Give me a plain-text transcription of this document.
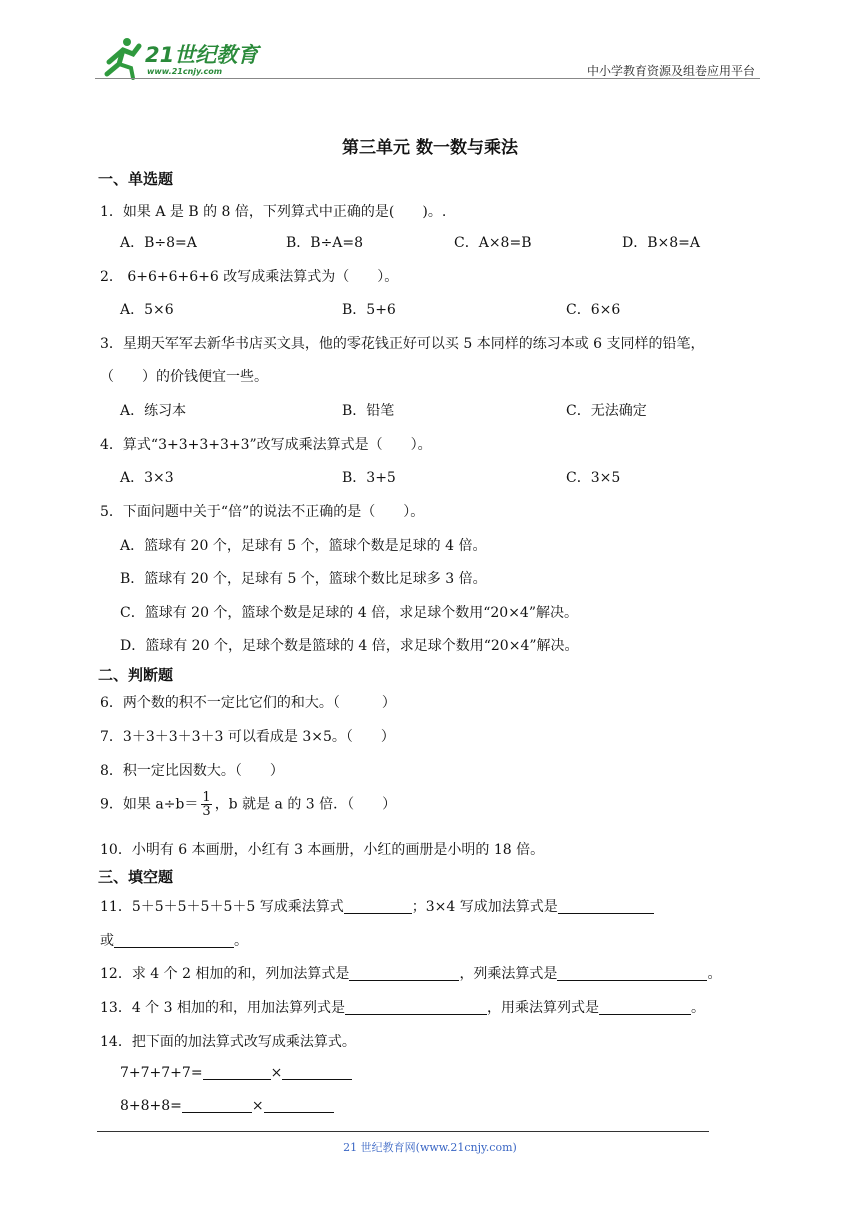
21世纪教育
www.21cnjy.com	中小学教育资源及组卷应用平台
第三单元 数一数与乘法
一、单选题
1．如果 A 是 B 的 8 倍，下列算式中正确的是(　　)。.
A．B÷8=A	B．B÷A=8	C．A×8=B	D．B×8=A
2． 6+6+6+6+6 改写成乘法算式为（　　）。
A．5×6	B．5+6	C．6×6
3．星期天军军去新华书店买文具，他的零花钱正好可以买 5 本同样的练习本或 6 支同样的铅笔，
（　　）的价钱便宜一些。
A．练习本	B．铅笔	C．无法确定
4．算式“3+3+3+3+3”改写成乘法算式是（　　）。
A．3×3	B．3+5	C．3×5
5．下面问题中关于“倍”的说法不正确的是（　　）。
A．篮球有 20 个，足球有 5 个，篮球个数是足球的 4 倍。
B．篮球有 20 个，足球有 5 个，篮球个数比足球多 3 倍。
C．篮球有 20 个，篮球个数是足球的 4 倍，求足球个数用“20×4”解决。
D．篮球有 20 个，足球个数是篮球的 4 倍，求足球个数用“20×4”解决。
二、判断题
6．两个数的积不一定比它们的和大。（　　　）
7．3＋3＋3＋3＋3 可以看成是 3×5。（　　）
8．积一定比因数大。（　　）
9．如果 $a\div b= \frac{1}{3}$ ，b 就是 a 的 3 倍．（　　）
10．小明有 6 本画册，小红有 3 本画册，小红的画册是小明的 18 倍。
三、填空题
11．5＋5＋5＋5＋5＋5 写成乘法算式	；3×4 写成加法算式是
或	。
12．求 4 个 2 相加的和，列加法算式是	，列乘法算式是	。
13．4 个 3 相加的和，用加法算列式是	，用乘法算列式是	。
14．把下面的加法算式改写成乘法算式。
7+7+7+7=	×
8+8+8=	×
21 世纪教育网(www.21cnjy.com)
